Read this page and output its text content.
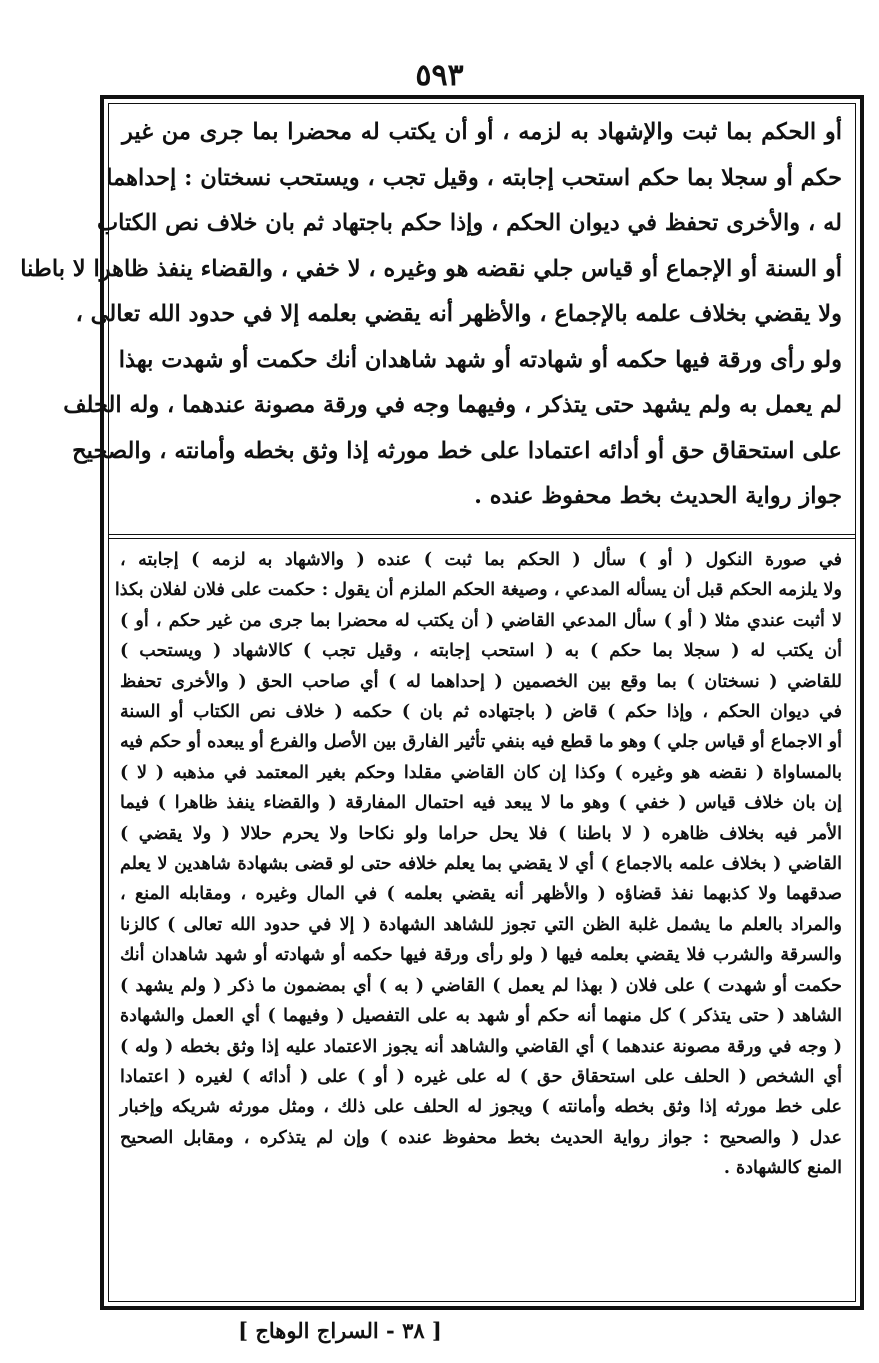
٥٩٣
أو الحكم بما ثبت والإشهاد به لزمه ، أو أن يكتب له محضرا بما جرى من غير
حكم أو سجلا بما حكم استحب إجابته ، وقيل تجب ، ويستحب نسختان : إحداهما
له ، والأخرى تحفظ في ديوان الحكم ، وإذا حكم باجتهاد ثم بان خلاف نص الكتاب
أو السنة أو الإجماع أو قياس جلي نقضه هو وغيره ، لا خفي ، والقضاء ينفذ ظاهرا لا باطنا
ولا يقضي بخلاف علمه بالإجماع ، والأظهر أنه يقضي بعلمه إلا في حدود الله تعالى ،
ولو رأى ورقة فيها حكمه أو شهادته أو شهد شاهدان أنك حكمت أو شهدت بهذا
لم يعمل به ولم يشهد حتى يتذكر ، وفيهما وجه في ورقة مصونة عندهما ، وله الحلف
على استحقاق حق أو أدائه اعتمادا على خط مورثه إذا وثق بخطه وأمانته ، والصحيح
جواز رواية الحديث بخط محفوظ عنده .
في صورة النكول ( أو ) سأل ( الحكم بما ثبت ) عنده ( والاشهاد به لزمه ) إجابته ،
ولا يلزمه الحكم قبل أن يسأله المدعي ، وصيغة الحكم الملزم أن يقول : حكمت على فلان لفلان بكذا
لا أثبت عندي مثلا ( أو ) سأل المدعي القاضي ( أن يكتب له محضرا بما جرى من غير حكم ، أو )
أن يكتب له ( سجلا بما حكم ) به ( استحب إجابته ، وقيل تجب ) كالاشهاد ( ويستحب )
للقاضي ( نسختان ) بما وقع بين الخصمين ( إحداهما له ) أي صاحب الحق ( والأخرى تحفظ
في ديوان الحكم ، وإذا حكم ) قاض ( باجتهاده ثم بان ) حكمه ( خلاف نص الكتاب أو السنة
أو الاجماع أو قياس جلي ) وهو ما قطع فيه بنفي تأثير الفارق بين الأصل والفرع أو يبعده أو حكم فيه
بالمساواة ( نقضه هو وغيره ) وكذا إن كان القاضي مقلدا وحكم بغير المعتمد في مذهبه ( لا )
إن بان خلاف قياس ( خفي ) وهو ما لا يبعد فيه احتمال المفارقة ( والقضاء ينفذ ظاهرا ) فيما
الأمر فيه بخلاف ظاهره ( لا باطنا ) فلا يحل حراما ولو نكاحا ولا يحرم حلالا ( ولا يقضي )
القاضي ( بخلاف علمه بالاجماع ) أي لا يقضي بما يعلم خلافه حتى لو قضى بشهادة شاهدين لا يعلم
صدقهما ولا كذبهما نفذ قضاؤه ( والأظهر أنه يقضي بعلمه ) في المال وغيره ، ومقابله المنع ،
والمراد بالعلم ما يشمل غلبة الظن التي تجوز للشاهد الشهادة ( إلا في حدود الله تعالى ) كالزنا
والسرقة والشرب فلا يقضي بعلمه فيها ( ولو رأى ورقة فيها حكمه أو شهادته أو شهد شاهدان أنك
حكمت أو شهدت ) على فلان ( بهذا لم يعمل ) القاضي ( به ) أي بمضمون ما ذكر ( ولم يشهد )
الشاهد ( حتى يتذكر ) كل منهما أنه حكم أو شهد به على التفصيل ( وفيهما ) أي العمل والشهادة
( وجه في ورقة مصونة عندهما ) أي القاضي والشاهد أنه يجوز الاعتماد عليه إذا وثق بخطه ( وله )
أي الشخص ( الحلف على استحقاق حق ) له على غيره ( أو ) على ( أدائه ) لغيره ( اعتمادا
على خط مورثه إذا وثق بخطه وأمانته ) ويجوز له الحلف على ذلك ، ومثل مورثه شريكه وإخبار
عدل ( والصحيح : جواز رواية الحديث بخط محفوظ عنده ) وإن لم يتذكره ، ومقابل الصحيح
المنع كالشهادة .
[ ٣٨ - السراج الوهاج ]
